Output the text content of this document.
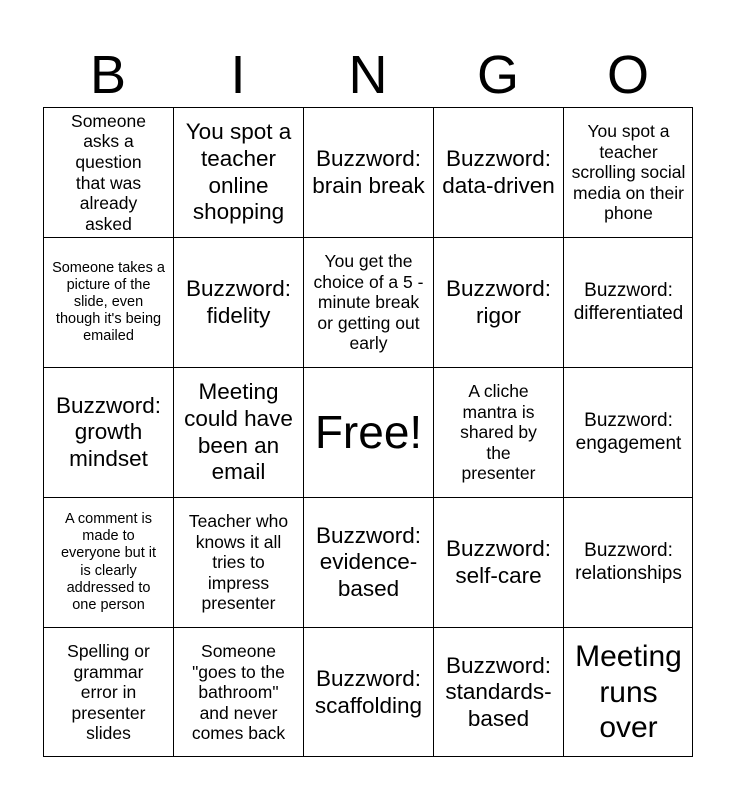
B	I	N	G	O
Someone asks a question that was already asked
You spot a teacher online shopping
Buzzword: brain break
Buzzword: data-driven
You spot a teacher scrolling social media on their phone
Someone takes a picture of the slide, even though it's being emailed
Buzzword: fidelity
You get the choice of a 5 - minute break or getting out early
Buzzword: rigor
Buzzword: differentiated
Buzzword: growth mindset
Meeting could have been an email
Free!
A cliche mantra is shared by the presenter
Buzzword: engagement
A comment is made to everyone but it is clearly addressed to one person
Teacher who knows it all tries to impress presenter
Buzzword: evidence-based
Buzzword: self-care
Buzzword: relationships
Spelling or grammar error in presenter slides
Someone "goes to the bathroom" and never comes back
Buzzword: scaffolding
Buzzword: standards-based
Meeting runs over
